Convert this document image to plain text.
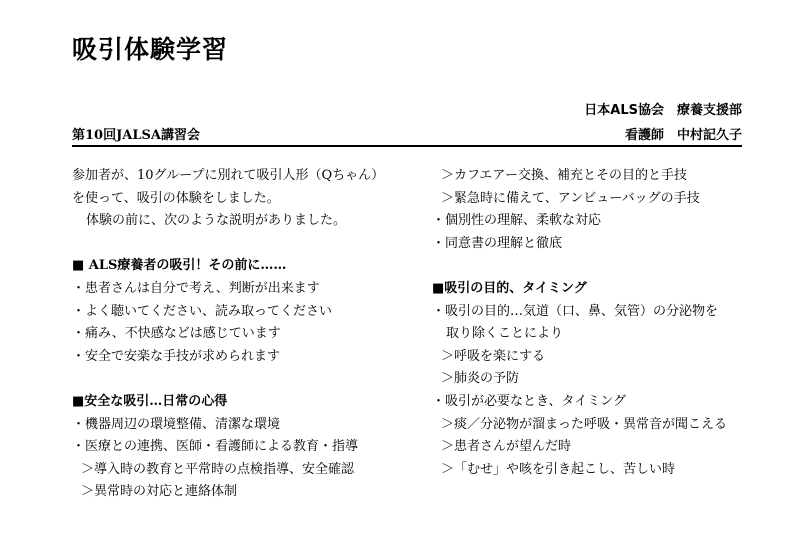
吸引体験学習
日本ALS協会　療養支援部
第10回JALSA講習会	看護師　中村記久子
参加者が、10グループに別れて吸引人形（Qちゃん）
を使って、吸引の体験をしました。
体験の前に、次のような説明がありました。
■ ALS療養者の吸引！その前に……
・患者さんは自分で考え、判断が出来ます
・よく聴いてください、読み取ってください
・痛み、不快感などは感じています
・安全で安楽な手技が求められます
■安全な吸引…日常の心得
・機器周辺の環境整備、清潔な環境
・医療との連携、医師・看護師による教育・指導
＞導入時の教育と平常時の点検指導、安全確認
＞異常時の対応と連絡体制
＞カフエアー交換、補充とその目的と手技
＞緊急時に備えて、アンビューバッグの手技
・個別性の理解、柔軟な対応
・同意書の理解と徹底
■吸引の目的、タイミング
・吸引の目的…気道（口、鼻、気管）の分泌物を
取り除くことにより
＞呼吸を楽にする
＞肺炎の予防
・吸引が必要なとき、タイミング
＞痰／分泌物が溜まった呼吸・異常音が聞こえる
＞患者さんが望んだ時
＞「むせ」や咳を引き起こし、苦しい時
